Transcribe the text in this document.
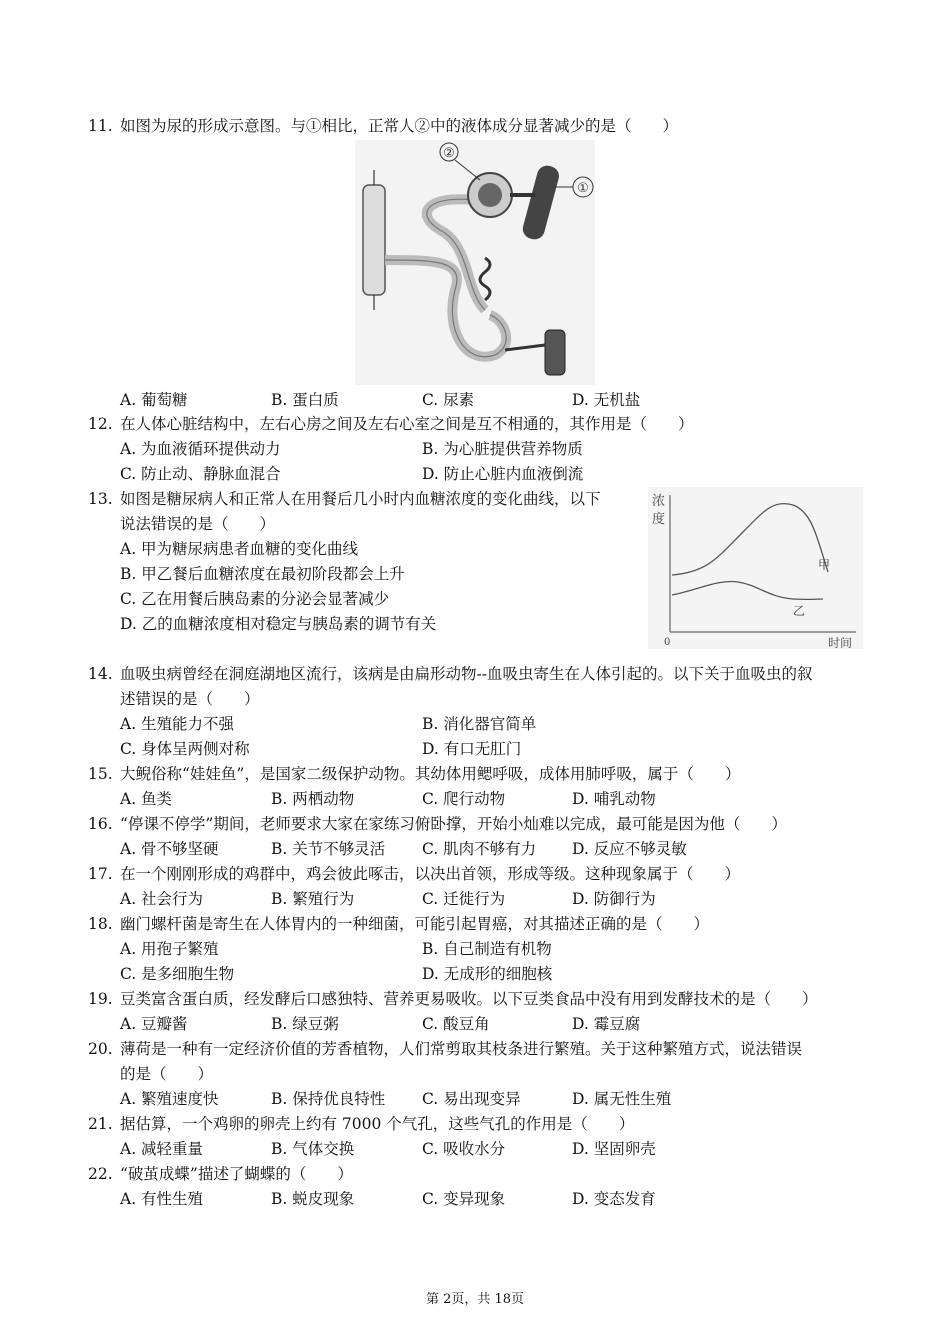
11. 如图为尿的形成示意图。与①相比，正常人②中的液体成分显著减少的是（　　）
②
①
A. 葡萄糖	B. 蛋白质	C. 尿素	D. 无机盐
12. 在人体心脏结构中，左右心房之间及左右心室之间是互不相通的，其作用是（　　）
A. 为血液循环提供动力	B. 为心脏提供营养物质
C. 防止动、静脉血混合	D. 防止心脏内血液倒流
13. 如图是糖尿病人和正常人在用餐后几小时内血糖浓度的变化曲线，以下
说法错误的是（　　）
A. 甲为糖尿病患者血糖的变化曲线
B. 甲乙餐后血糖浓度在最初阶段都会上升
C. 乙在用餐后胰岛素的分泌会显著减少
D. 乙的血糖浓度相对稳定与胰岛素的调节有关
浓
度
0	时间
甲
乙
14. 血吸虫病曾经在洞庭湖地区流行，该病是由扁形动物--血吸虫寄生在人体引起的。以下关于血吸虫的叙
述错误的是（　　）
A. 生殖能力不强	B. 消化器官简单
C. 身体呈两侧对称	D. 有口无肛门
15. 大鲵俗称“娃娃鱼”，是国家二级保护动物。其幼体用鳃呼吸，成体用肺呼吸，属于（　　）
A. 鱼类	B. 两栖动物	C. 爬行动物	D. 哺乳动物
16. “停课不停学”期间，老师要求大家在家练习俯卧撑，开始小灿难以完成，最可能是因为他（　　）
A. 骨不够坚硬	B. 关节不够灵活 C. 肌肉不够有力 D. 反应不够灵敏
17. 在一个刚刚形成的鸡群中，鸡会彼此啄击，以决出首领，形成等级。这种现象属于（　　）
A. 社会行为	B. 繁殖行为	C. 迁徙行为	D. 防御行为
18. 幽门螺杆菌是寄生在人体胃内的一种细菌，可能引起胃癌，对其描述正确的是（　　）
A. 用孢子繁殖	B. 自己制造有机物
C. 是多细胞生物	D. 无成形的细胞核
19. 豆类富含蛋白质，经发酵后口感独特、营养更易吸收。以下豆类食品中没有用到发酵技术的是（　　）
A. 豆瓣酱	B. 绿豆粥	C. 酸豆角	D. 霉豆腐
20. 薄荷是一种有一定经济价值的芳香植物，人们常剪取其枝条进行繁殖。关于这种繁殖方式，说法错误
的是（　　）
A. 繁殖速度快	B. 保持优良特性 C. 易出现变异	D. 属无性生殖
21. 据估算，一个鸡卵的卵壳上约有 7000 个气孔，这些气孔的作用是（　　）
A. 减轻重量	B. 气体交换	C. 吸收水分	D. 坚固卵壳
22. “破茧成蝶”描述了蝴蝶的（　　）
A. 有性生殖	B. 蜕皮现象	C. 变异现象	D. 变态发育
第 2页，共 18页
